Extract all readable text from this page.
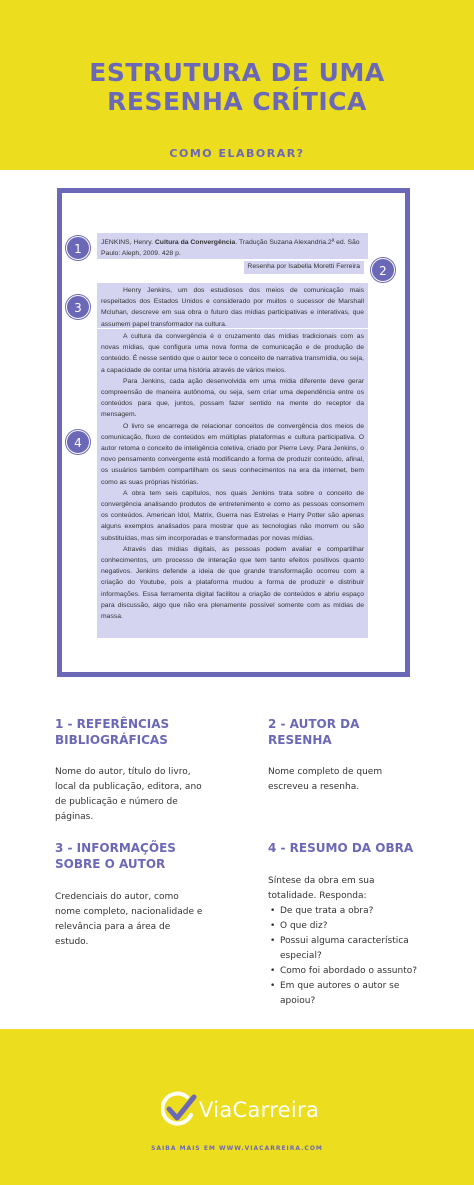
ESTRUTURA DE UMA RESENHA CRÍTICA
COMO ELABORAR?
JENKINS, Henry. Cultura da Convergência. Tradução Suzana Alexandria.2ª ed. São Paulo: Aleph, 2009. 428 p.
Resenha por Isabella Moretti Ferreira

Henry Jenkins, um dos estudiosos dos meios de comunicação mais respeitados dos Estados Unidos e considerado por muitos o sucessor de Marshall Mcluhan, descreve em sua obra o futuro das mídias participativas e interativas, que assumem papel transformador na cultura.

A cultura da convergência é o cruzamento das mídias tradicionais com as novas mídias, que configura uma nova forma de comunicação e de produção de conteúdo. É nesse sentido que o autor tece o conceito de narrativa transmídia, ou seja, a capacidade de contar uma história através de vários meios.

Para Jenkins, cada ação desenvolvida em uma mídia diferente deve gerar compreensão de maneira autônoma, ou seja, sem criar uma dependência entre os conteúdos para que, juntos, possam fazer sentido na mente do receptor da mensagem.

O livro se encarrega de relacionar conceitos de convergência dos meios de comunicação, fluxo de conteúdos em múltiplas plataformas e cultura participativa. O autor retoma o conceito de inteligência coletiva, criado por Pierre Levy. Para Jenkins, o novo pensamento convergente está modificando a forma de produzir conteúdo, afinal, os usuários também compartilham os seus conhecimentos na era da internet, bem como as suas próprias histórias.

A obra tem seis capítulos, nos quais Jenkins trata sobre o conceito de convergência analisando produtos de entretenimento e como as pessoas consomem os conteúdos. American Idol, Matrix, Guerra nas Estrelas e Harry Potter são apenas alguns exemplos analisados para mostrar que as tecnologias não morrem ou são substituídas, mas sim incorporadas e transformadas por novas mídias.

Através das mídias digitais, as pessoas podem avaliar e compartilhar conhecimentos, um processo de interação que tem tanto efeitos positivos quanto negativos. Jenkins defende a ideia de que grande transformação ocorreu com a criação do Youtube, pois a plataforma mudou a forma de produzir e distribuir informações. Essa ferramenta digital facilitou a criação de conteúdos e abriu espaço para discussão, algo que não era plenamente possível somente com as mídias de massa.

1
2
3
4
1 - REFERÊNCIAS BIBLIOGRÁFICAS
Nome do autor, título do livro, local da publicação, editora, ano de publicação e número de páginas.
2 - AUTOR DA RESENHA
Nome completo de quem escreveu a resenha.
3 - INFORMAÇÕES SOBRE O AUTOR
Credenciais do autor, como nome completo, nacionalidade e relevância para a área de estudo.
4 - RESUMO DA OBRA
Síntese da obra em sua totalidade. Responda:
• De que trata a obra?
• O que diz?
• Possui alguma característica especial?
• Como foi abordado o assunto?
• Em que autores o autor se apoiou?
ViaCarreira
SAIBA MAIS EM WWW.VIACARREIRA.COM
